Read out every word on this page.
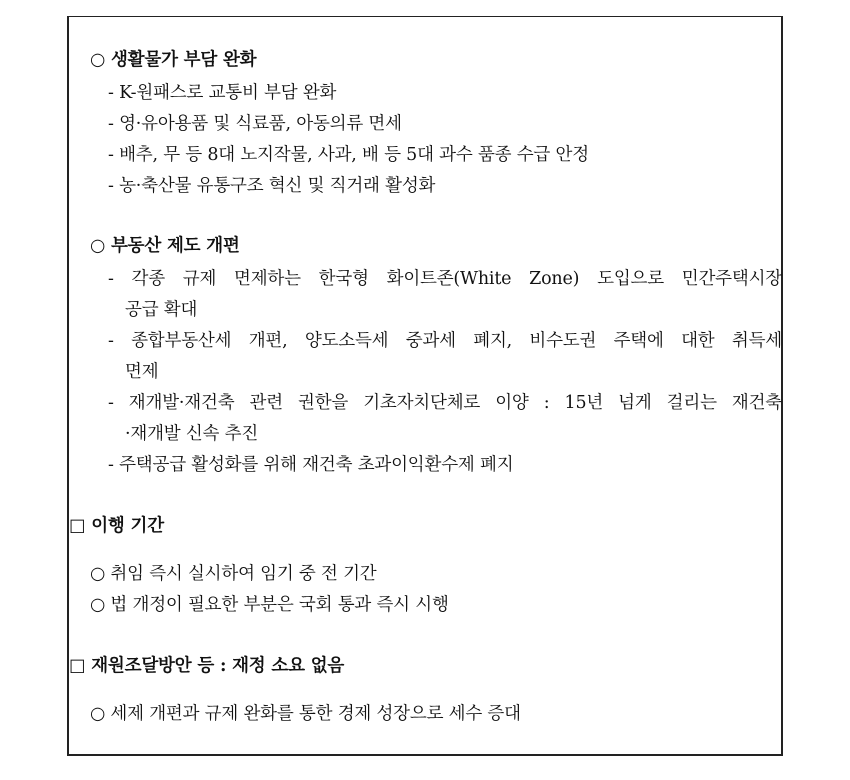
○ 생활물가 부담 완화
- K-원패스로 교통비 부담 완화
- 영·유아용품 및 식료품, 아동의류 면세
- 배추, 무 등 8대 노지작물, 사과, 배 등 5대 과수 품종 수급 안정
- 농·축산물 유통구조 혁신 및 직거래 활성화
○ 부동산 제도 개편
- 각종 규제 면제하는 한국형 화이트존(White Zone) 도입으로 민간주택시장
공급 확대
- 종합부동산세 개편, 양도소득세 중과세 폐지, 비수도권 주택에 대한 취득세
면제
- 재개발·재건축 관련 권한을 기초자치단체로 이양 : 15년 넘게 걸리는 재건축
·재개발 신속 추진
- 주택공급 활성화를 위해 재건축 초과이익환수제 폐지
□ 이행 기간
○ 취임 즉시 실시하여 임기 중 전 기간
○ 법 개정이 필요한 부분은 국회 통과 즉시 시행
□ 재원조달방안 등 : 재정 소요 없음
○ 세제 개편과 규제 완화를 통한 경제 성장으로 세수 증대
